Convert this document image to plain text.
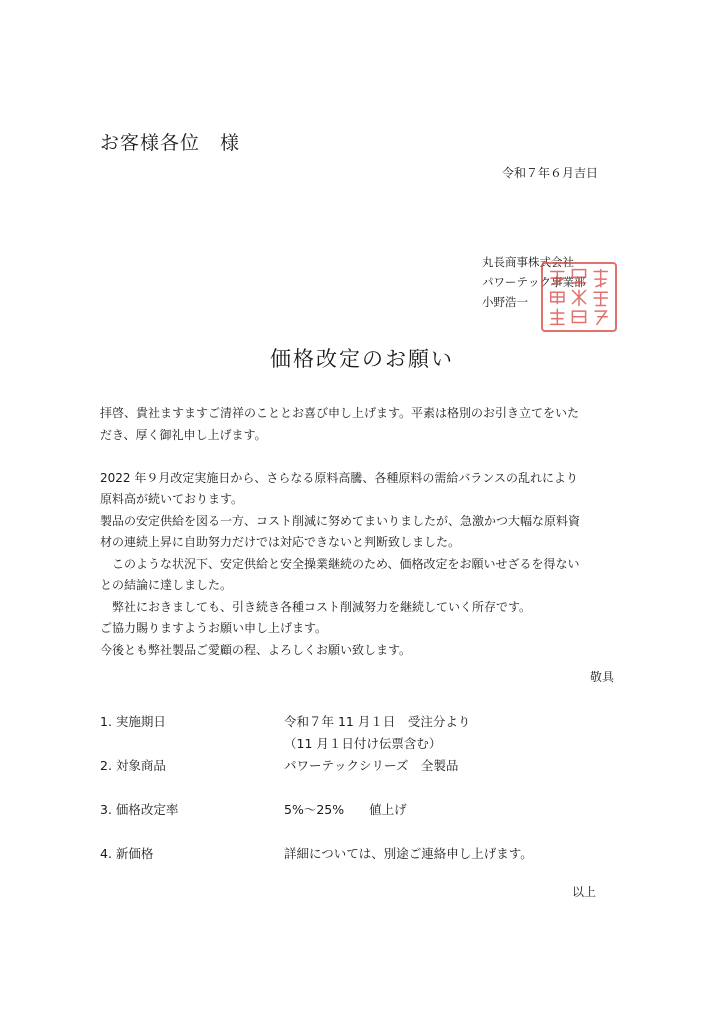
お客様各位　様
令和７年６月吉日
丸長商事株式会社
パワーテック事業部
小野浩一
価格改定のお願い

拝啓、貴社ますますご清祥のこととお喜び申し上げます。平素は格別のお引き立てをいた

だき、厚く御礼申し上げます。

2022 年９月改定実施日から、さらなる原料高騰、各種原料の需給バランスの乱れにより

原料高が続いております。

製品の安定供給を図る一方、コスト削減に努めてまいりましたが、急激かつ大幅な原料資

材の連続上昇に自助努力だけでは対応できないと判断致しました。

　このような状況下、安定供給と安全操業継続のため、価格改定をお願いせざるを得ない

との結論に達しました。

　弊社におきましても、引き続き各種コスト削減努力を継続していく所存です。

ご協力賜りますようお願い申し上げます。

今後とも弊社製品ご愛顧の程、よろしくお願い致します。

敬具
1. 実施期日	令和７年 11 月１日　受注分より
（11 月１日付け伝票含む）
2. 対象商品	パワーテックシリーズ　全製品
3. 価格改定率	5%～25%　　値上げ
4. 新価格	詳細については、別途ご連絡申し上げます。
以上
